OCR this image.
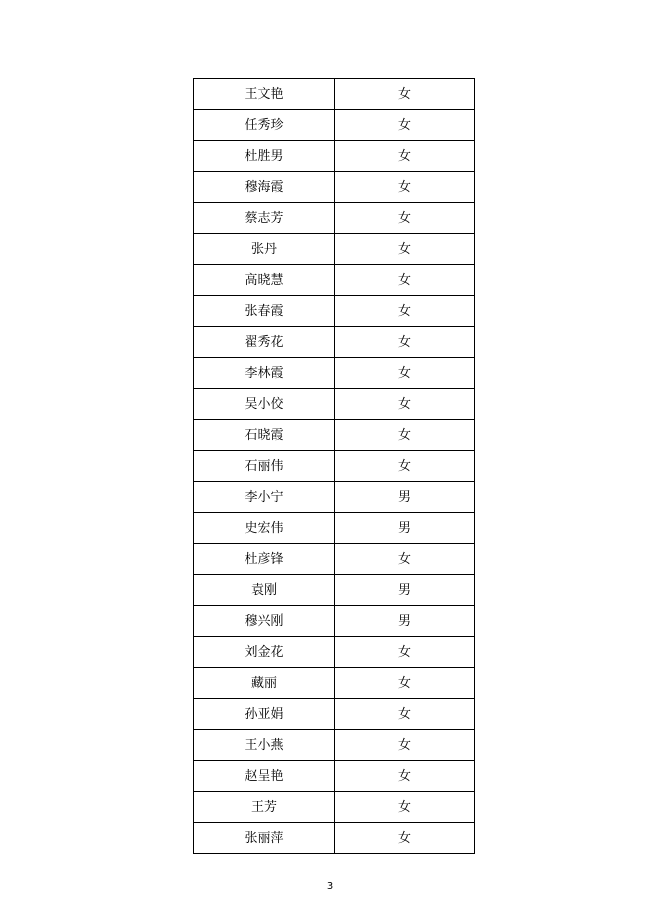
王文艳	女
任秀珍	女
杜胜男	女
穆海霞	女
蔡志芳	女
张丹	女
高晓慧	女
张春霞	女
翟秀花	女
李林霞	女
吴小佼	女
石晓霞	女
石丽伟	女
李小宁	男
史宏伟	男
杜彦锋	女
袁刚	男
穆兴刚	男
刘金花	女
藏丽	女
孙亚娟	女
王小燕	女
赵呈艳	女
王芳	女
张丽萍	女
3
